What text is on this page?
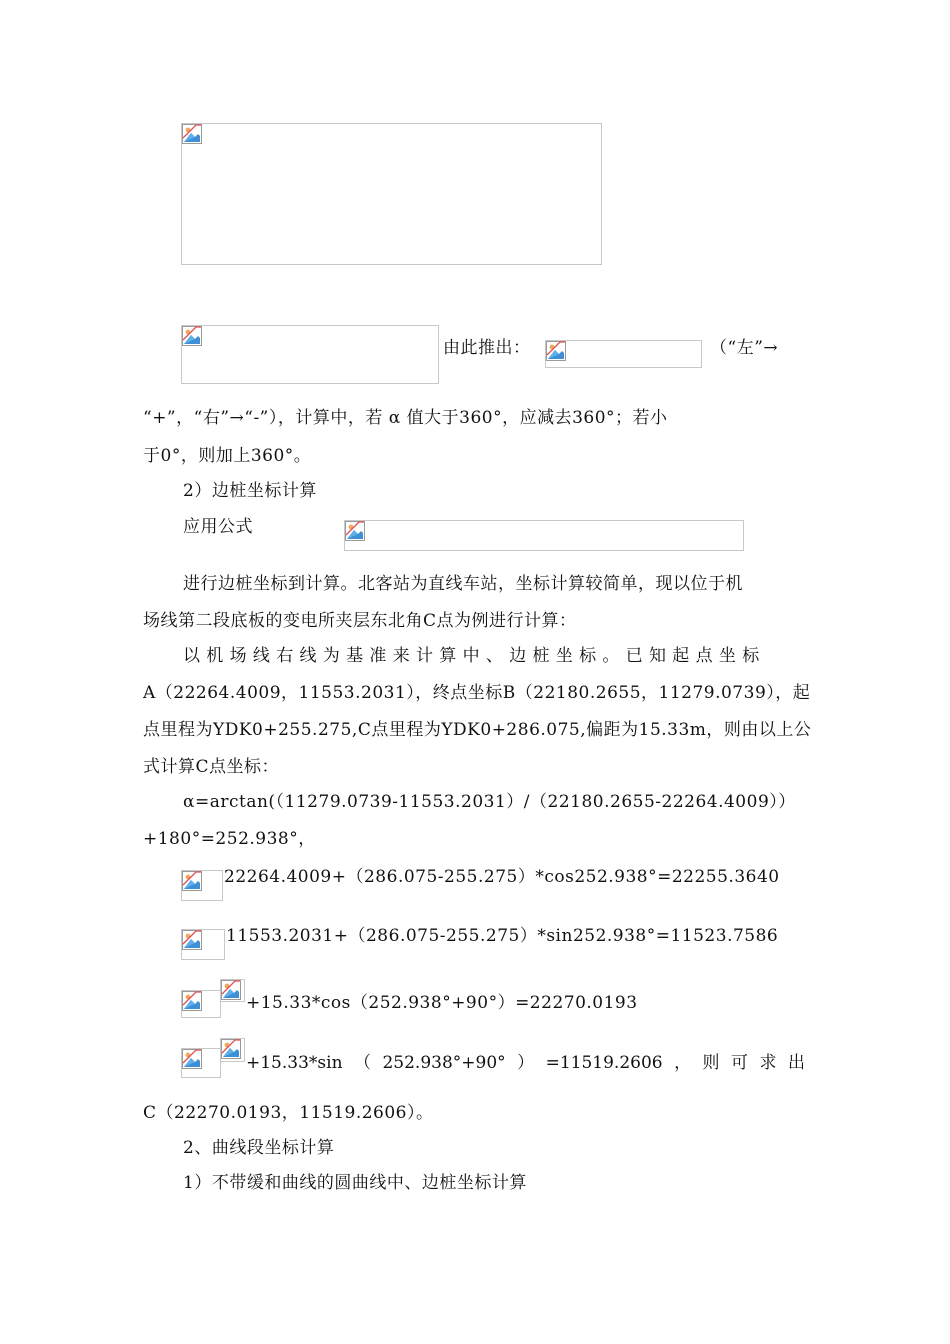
由此推出：	（“左”→
“+”，“右”→“-”），计算中，若 α 值大于360°，应减去360°；若小
于0°，则加上360°。
2）边桩坐标计算
应用公式
进行边桩坐标到计算。北客站为直线车站，坐标计算较简单，现以位于机
场线第二段底板的变电所夹层东北角C点为例进行计算：
以机场线右线为基准来计算中、边桩坐标。已知起点坐标
A（22264.4009，11553.2031），终点坐标B（22180.2655，11279.0739），起
点里程为YDK0+255.275,C点里程为YDK0+286.075,偏距为15.33m，则由以上公
式计算C点坐标：
α=arctan(（11279.0739-11553.2031）/（22180.2655-22264.4009））
+180°=252.938°，
22264.4009+（286.075-255.275）*cos252.938°=22255.3640
11553.2031+（286.075-255.275）*sin252.938°=11523.7586
+15.33*cos（252.938°+90°）=22270.0193
+15.33*sin （ 252.938°+90° ） =11519.2606 ， 则 可 求 出
C（22270.0193，11519.2606）。
2、曲线段坐标计算
1）不带缓和曲线的圆曲线中、边桩坐标计算
